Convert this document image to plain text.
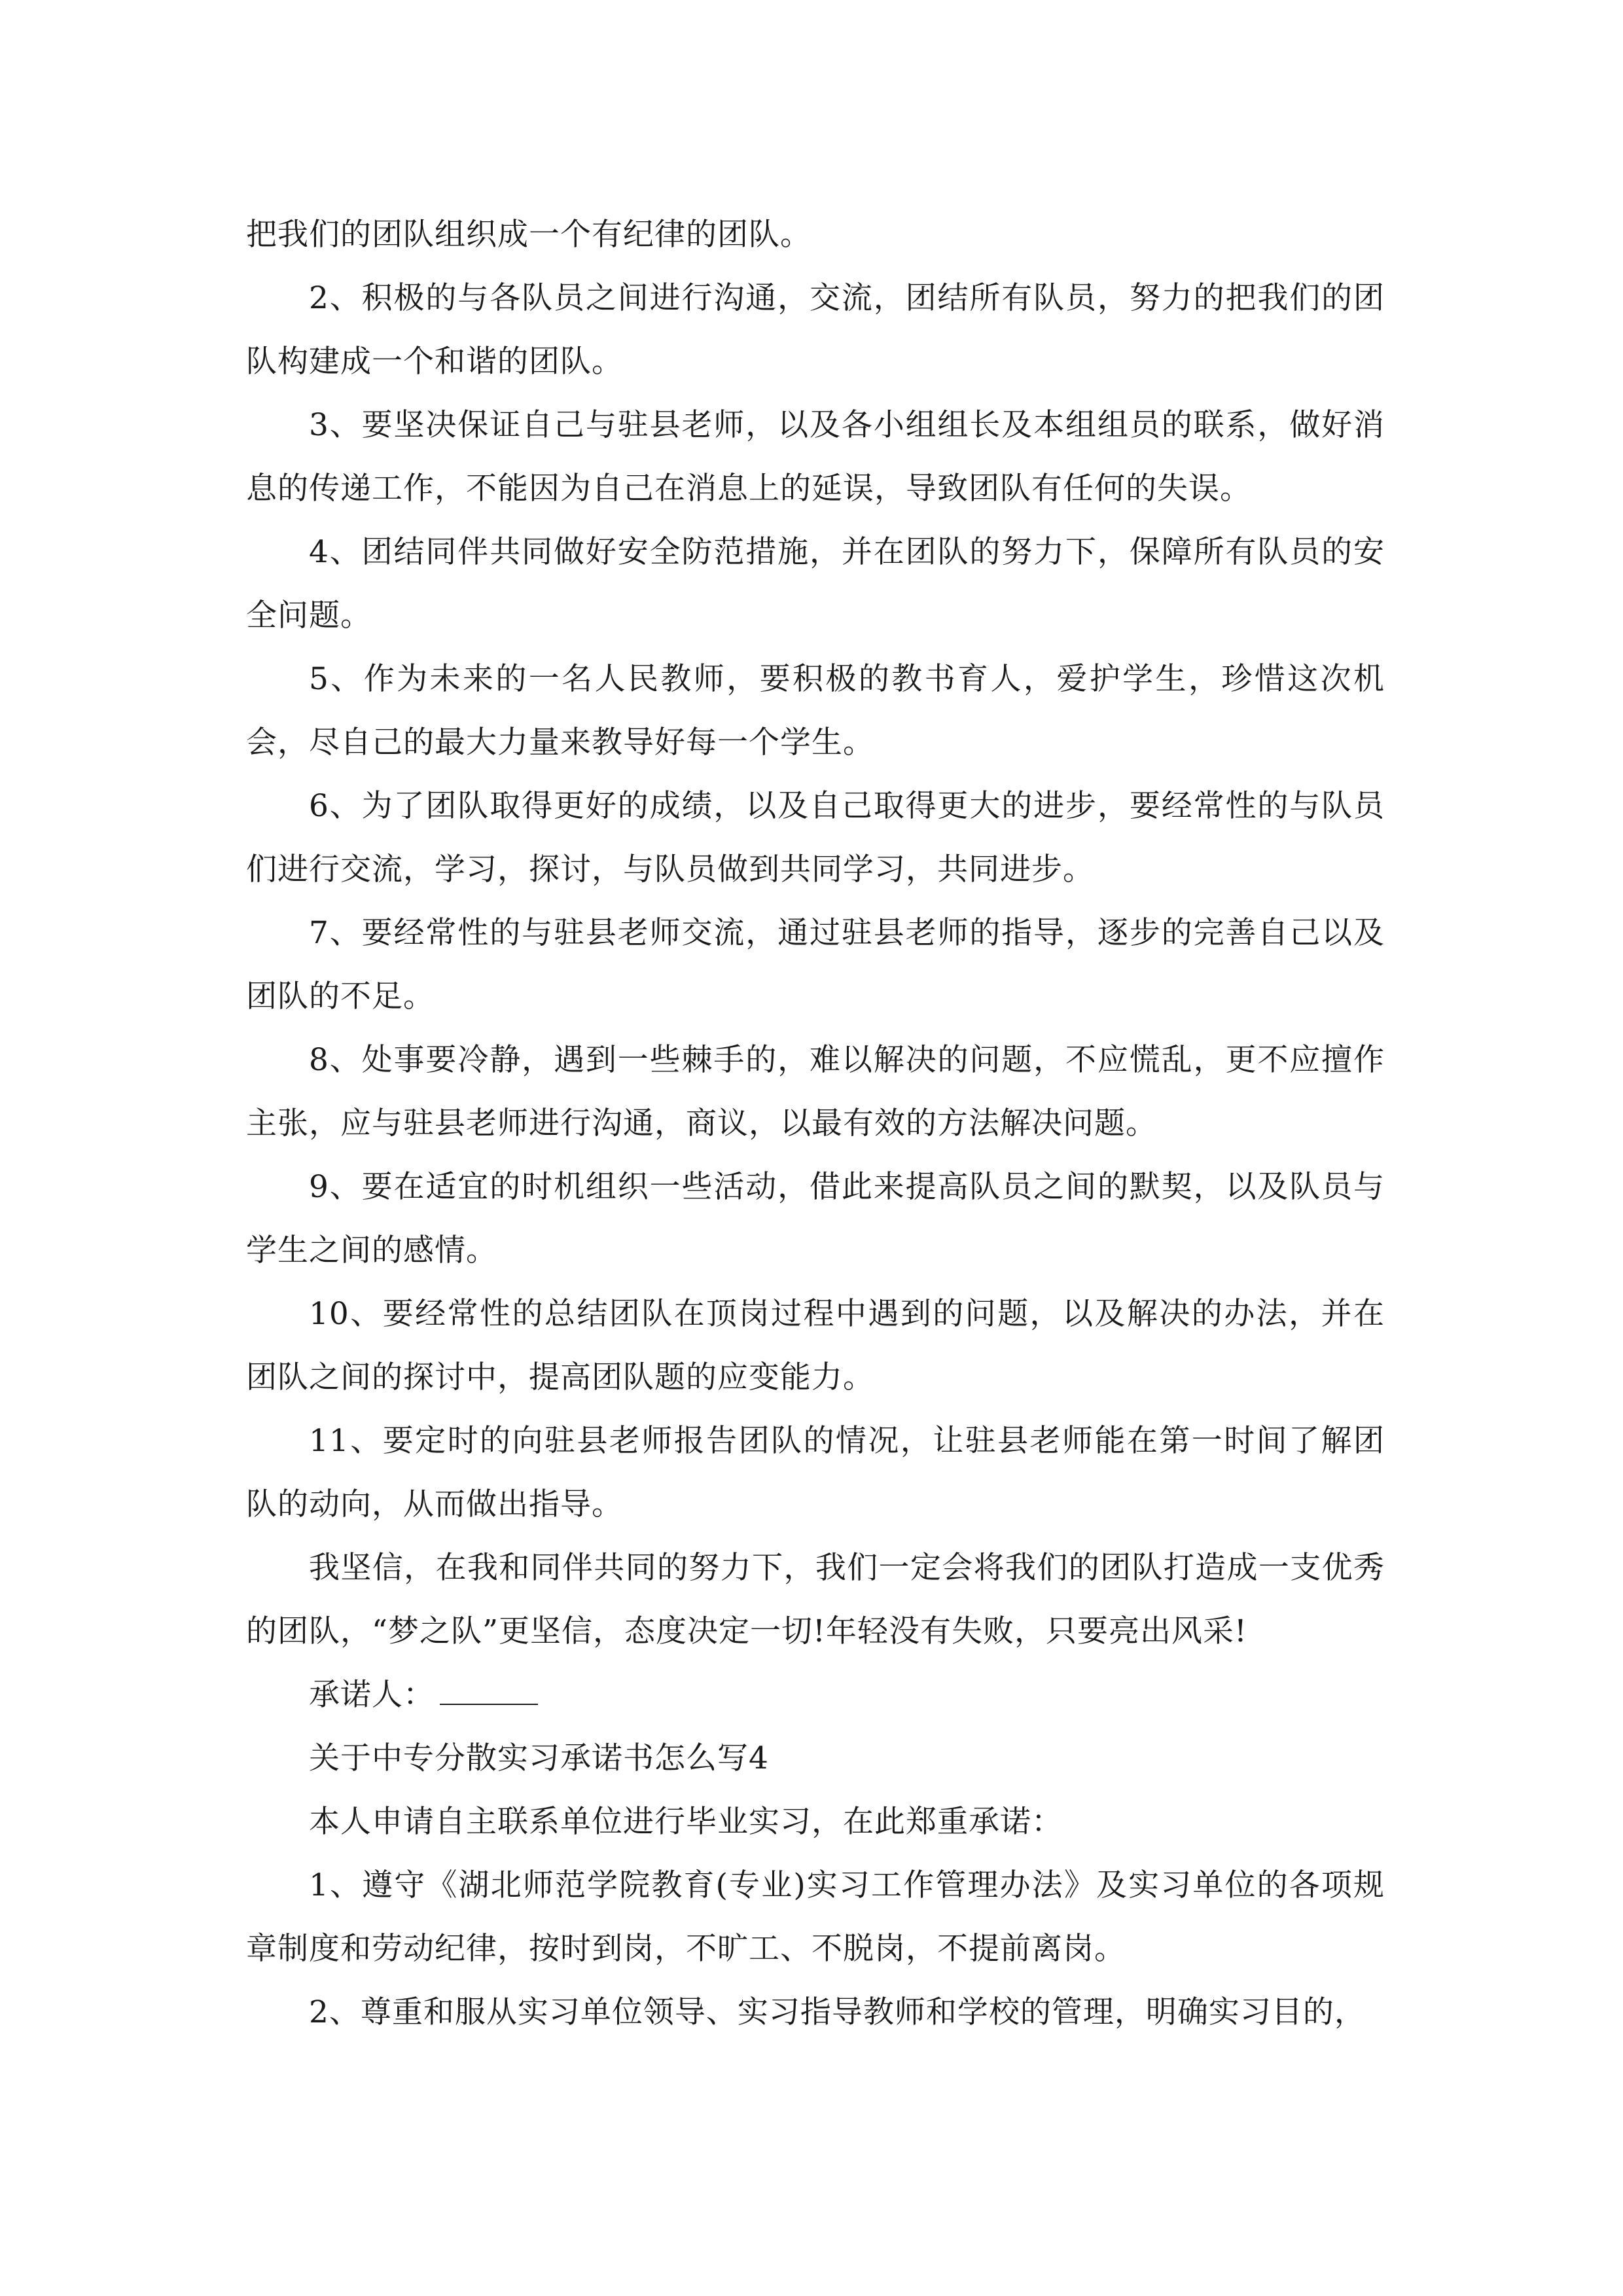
把我们的团队组织成一个有纪律的团队。

2、积极的与各队员之间进行沟通，交流，团结所有队员，努力的把我们的团队构建成一个和谐的团队。

3、要坚决保证自己与驻县老师，以及各小组组长及本组组员的联系，做好消息的传递工作，不能因为自己在消息上的延误，导致团队有任何的失误。

4、团结同伴共同做好安全防范措施，并在团队的努力下，保障所有队员的安全问题。

5、作为未来的一名人民教师，要积极的教书育人，爱护学生，珍惜这次机会，尽自己的最大力量来教导好每一个学生。

6、为了团队取得更好的成绩，以及自己取得更大的进步，要经常性的与队员们进行交流，学习，探讨，与队员做到共同学习，共同进步。

7、要经常性的与驻县老师交流，通过驻县老师的指导，逐步的完善自己以及团队的不足。

8、处事要冷静，遇到一些棘手的，难以解决的问题，不应慌乱，更不应擅作主张，应与驻县老师进行沟通，商议，以最有效的方法解决问题。

9、要在适宜的时机组织一些活动，借此来提高队员之间的默契，以及队员与学生之间的感情。

10、要经常性的总结团队在顶岗过程中遇到的问题，以及解决的办法，并在团队之间的探讨中，提高团队题的应变能力。

11、要定时的向驻县老师报告团队的情况，让驻县老师能在第一时间了解团队的动向，从而做出指导。

我坚信，在我和同伴共同的努力下，我们一定会将我们的团队打造成一支优秀的团队，“梦之队”更坚信，态度决定一切!年轻没有失败，只要亮出风采!

承诺人：

关于中专分散实习承诺书怎么写4

本人申请自主联系单位进行毕业实习，在此郑重承诺：

1、遵守《湖北师范学院教育(专业)实习工作管理办法》及实习单位的各项规章制度和劳动纪律，按时到岗，不旷工、不脱岗，不提前离岗。

2、尊重和服从实习单位领导、实习指导教师和学校的管理，明确实习目的，
